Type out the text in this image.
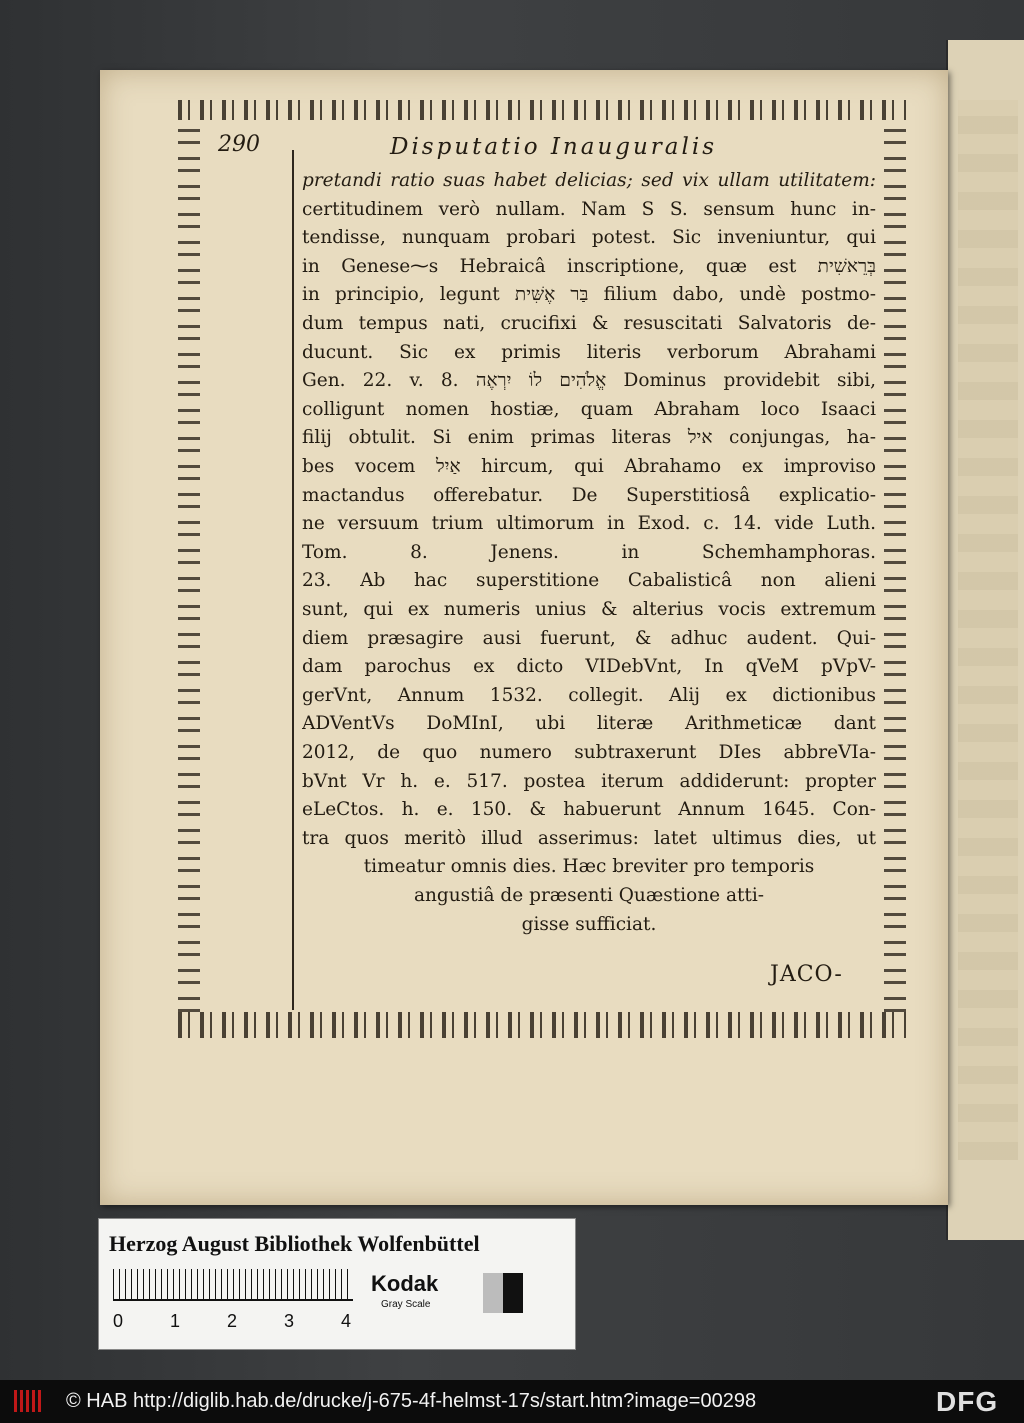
290	Disputatio Inauguralis
pretandi ratio suas habet delicias; sed vix ullam utilitatem:
certitudinem verò nullam. Nam S S. sensum hunc in-
tendisse, nunquam probari potest. Sic inveniuntur, qui
in Genese⁓s Hebraicâ inscriptione, quæ est בְּרֵאשִׁית
in principio, legunt בַּר אֶשִּׁית filium dabo, undè postmo-
dum tempus nati, crucifixi & resuscitati Salvatoris de-
ducunt. Sic ex primis literis verborum Abrahami
Gen. 22. v. 8. אֱלֹהִים לוֹ יִרְאֶה Dominus providebit sibi,
colligunt nomen hostiæ, quam Abraham loco Isaaci
filij obtulit. Si enim primas literas איל conjungas, ha-
bes vocem אַיִל hircum, qui Abrahamo ex improviso
mactandus offerebatur. De Superstitiosâ explicatio-
ne versuum trium ultimorum in Exod. c. 14. vide Luth.
Tom. 8. Jenens. in Schemhamphoras.
23. Ab hac superstitione Cabalisticâ non alieni
sunt, qui ex numeris unius & alterius vocis extremum
diem præsagire ausi fuerunt, & adhuc audent. Qui-
dam parochus ex dicto VIDebVnt, In qVeM pVpV-
gerVnt, Annum 1532. collegit. Alij ex dictionibus
ADVentVs DoMInI, ubi literæ Arithmeticæ dant
2012, de quo numero subtraxerunt DIes abbreVIa-
bVnt Vr h. e. 517. postea iterum addiderunt: propter
eLeCtos. h. e. 150. & habuerunt Annum 1645. Con-
tra quos meritò illud asserimus: latet ultimus dies, ut
timeatur omnis dies. Hæc breviter pro temporis
angustiâ de præsenti Quæstione atti-
gisse sufficiat.
JACO-
Herzog August Bibliothek Wolfenbüttel
0	1	2	3	4
Kodak
Gray Scale
© HAB http://diglib.hab.de/drucke/j-675-4f-helmst-17s/start.htm?image=00298	DFG
